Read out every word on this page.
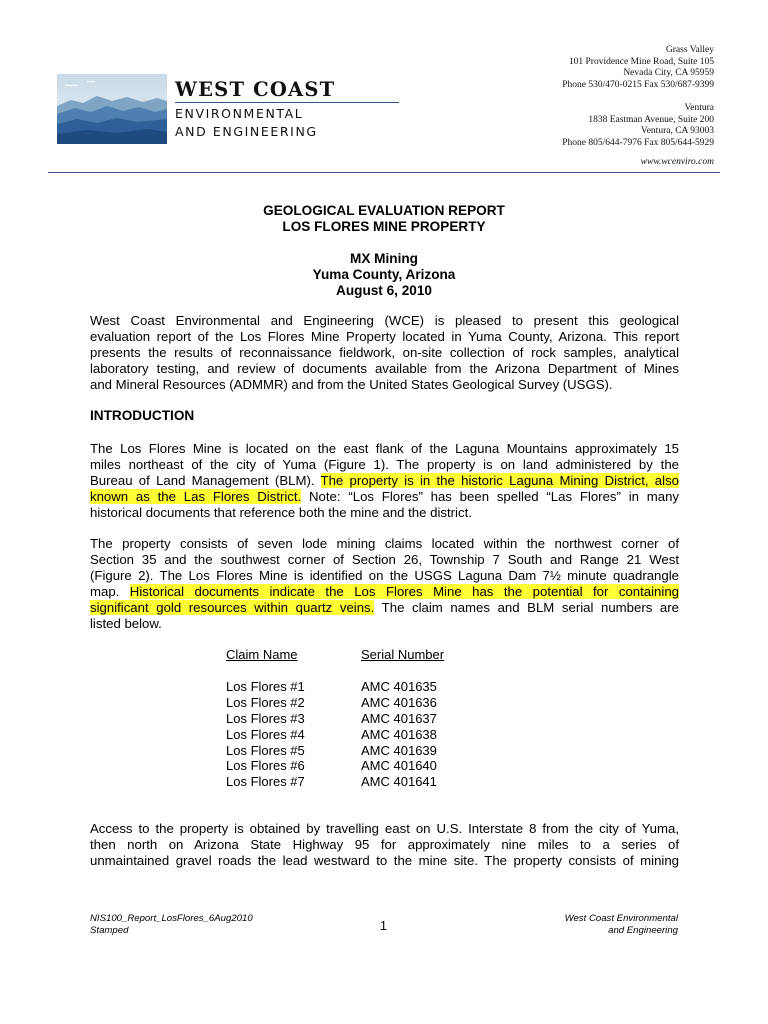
WEST COAST
ENVIRONMENTAL
AND ENGINEERING
Grass Valley
101 Providence Mine Road, Suite 105
Nevada City, CA 95959
Phone 530/470-0215 Fax 530/687-9399
Ventura
1838 Eastman Avenue, Suite 200
Ventura, CA 93003
Phone 805/644-7976 Fax 805/644-5929
www.wcenviro.com
GEOLOGICAL EVALUATION REPORT
LOS FLORES MINE PROPERTY
MX Mining
Yuma County, Arizona
August 6, 2010
West Coast Environmental and Engineering (WCE) is pleased to present this geological
evaluation report of the Los Flores Mine Property located in Yuma County, Arizona. This report
presents the results of reconnaissance fieldwork, on-site collection of rock samples, analytical
laboratory testing, and review of documents available from the Arizona Department of Mines
and Mineral Resources (ADMMR) and from the United States Geological Survey (USGS).
INTRODUCTION
The Los Flores Mine is located on the east flank of the Laguna Mountains approximately 15
miles northeast of the city of Yuma (Figure 1). The property is on land administered by the
Bureau of Land Management (BLM). The property is in the historic Laguna Mining District, also
known as the Las Flores District. Note: “Los Flores” has been spelled “Las Flores” in many
historical documents that reference both the mine and the district.
The property consists of seven lode mining claims located within the northwest corner of
Section 35 and the southwest corner of Section 26, Township 7 South and Range 21 West
(Figure 2). The Los Flores Mine is identified on the USGS Laguna Dam 7½ minute quadrangle
map. Historical documents indicate the Los Flores Mine has the potential for containing
significant gold resources within quartz veins. The claim names and BLM serial numbers are
listed below.
Claim Name	Serial Number
Los Flores #1	AMC 401635
Los Flores #2	AMC 401636
Los Flores #3	AMC 401637
Los Flores #4	AMC 401638
Los Flores #5	AMC 401639
Los Flores #6	AMC 401640
Los Flores #7	AMC 401641
Access to the property is obtained by travelling east on U.S. Interstate 8 from the city of Yuma,
then north on Arizona State Highway 95 for approximately nine miles to a series of
unmaintained gravel roads the lead westward to the mine site. The property consists of mining
NIS100_Report_LosFlores_6Aug2010
Stamped	1
West Coast Environmental
and Engineering
